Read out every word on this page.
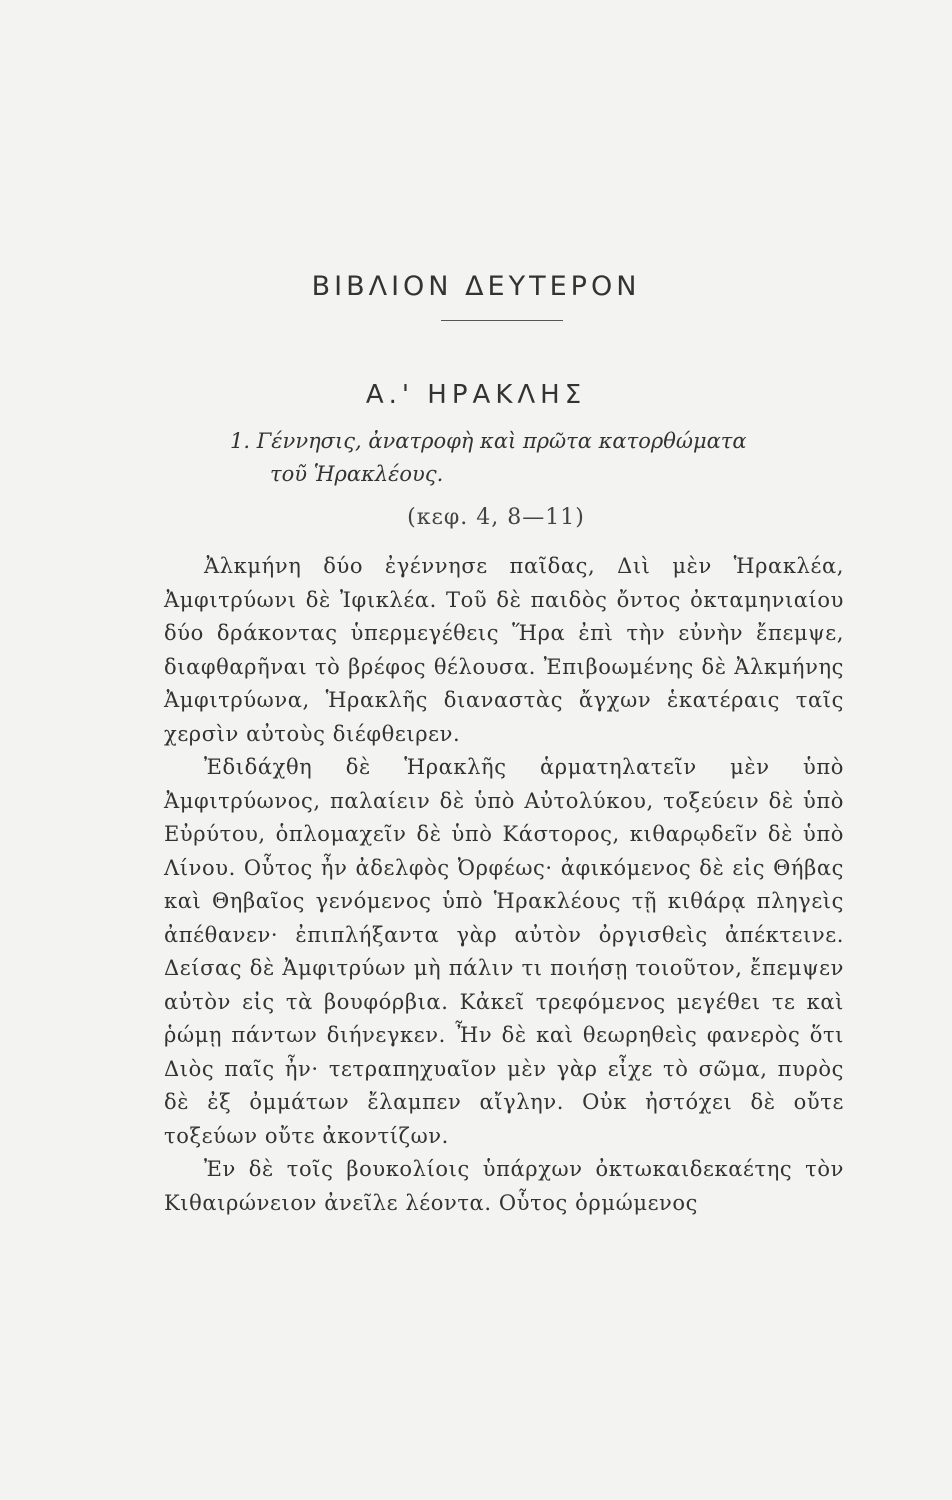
ΒΙΒΛΙΟΝ ΔΕΥΤΕΡΟΝ
Α.' ΗΡΑΚΛΗΣ
1. Γέννησις, ἀνατροφὴ καὶ πρῶτα κατορθώματα
τοῦ Ἡρακλέους.
(κεφ. 4, 8—11)

Ἀλκμήνη δύο ἐγέννησε παῖδας, Διὶ μὲν Ἡρακλέα, Ἀμφιτρύωνι δὲ Ἰφικλέα. Τοῦ δὲ παιδὸς ὄντος ὀκταμηνιαίου δύο δράκοντας ὑπερμεγέθεις Ἥρα ἐπὶ τὴν εὐνὴν ἔπεμψε, διαφθαρῆναι τὸ βρέφος θέλουσα. Ἐπιβοωμένης δὲ Ἀλκμήνης Ἀμφιτρύωνα, Ἡρακλῆς διαναστὰς ἄγχων ἑκατέραις ταῖς χερσὶν αὐτοὺς διέφθειρεν.

Ἐδιδάχθη δὲ Ἡρακλῆς ἁρματηλατεῖν μὲν ὑπὸ Ἀμφιτρύωνος, παλαίειν δὲ ὑπὸ Αὐτολύκου, τοξεύειν δὲ ὑπὸ Εὐρύτου, ὁπλομαχεῖν δὲ ὑπὸ Κάστορος, κιθαρῳδεῖν δὲ ὑπὸ Λίνου. Οὗτος ἦν ἀδελφὸς Ὀρφέως· ἀφικόμενος δὲ εἰς Θήβας καὶ Θηβαῖος γενόμενος ὑπὸ Ἡρακλέους τῇ κιθάρᾳ πληγεὶς ἀπέθανεν· ἐπιπλήξαντα γὰρ αὐτὸν ὀργισθεὶς ἀπέκτεινε. Δείσας δὲ Ἀμφιτρύων μὴ πάλιν τι ποιήσῃ τοιοῦτον, ἔπεμψεν αὐτὸν εἰς τὰ βουφόρβια. Κἀκεῖ τρεφόμενος μεγέθει τε καὶ ῥώμῃ πάντων διήνεγκεν. Ἦν δὲ καὶ θεωρηθεὶς φανερὸς ὅτι Διὸς παῖς ἦν· τετραπηχυαῖον μὲν γὰρ εἶχε τὸ σῶμα, πυρὸς δὲ ἐξ ὀμμάτων ἔλαμπεν αἴγλην. Οὐκ ἠστόχει δὲ οὔτε τοξεύων οὔτε ἀκοντίζων.

Ἐν δὲ τοῖς βουκολίοις ὑπάρχων ὀκτωκαιδεκαέτης τὸν Κιθαιρώνειον ἀνεῖλε λέοντα. Οὗτος ὁρμώμενος
